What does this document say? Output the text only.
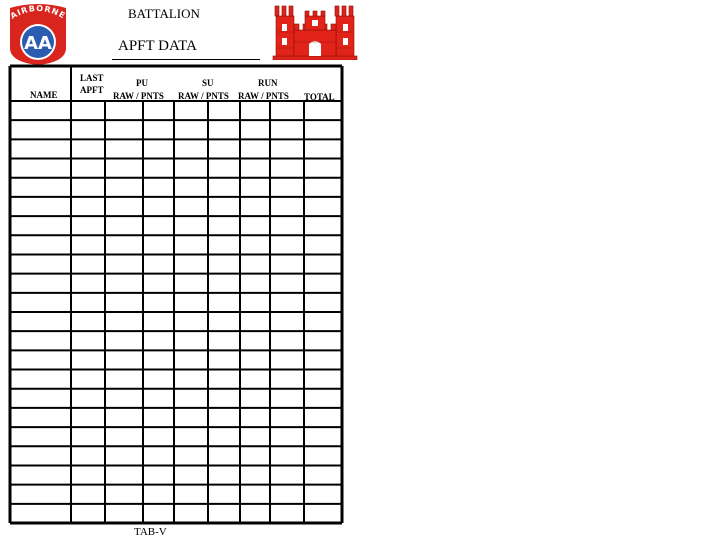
BATTALION
APFT DATA
AIRBORNE
AA
NAME
LAST
APFT
PU	SU	RUN
RAW / PNTS RAW / PNTS RAW / PNTS TOTAL
TAB-V
